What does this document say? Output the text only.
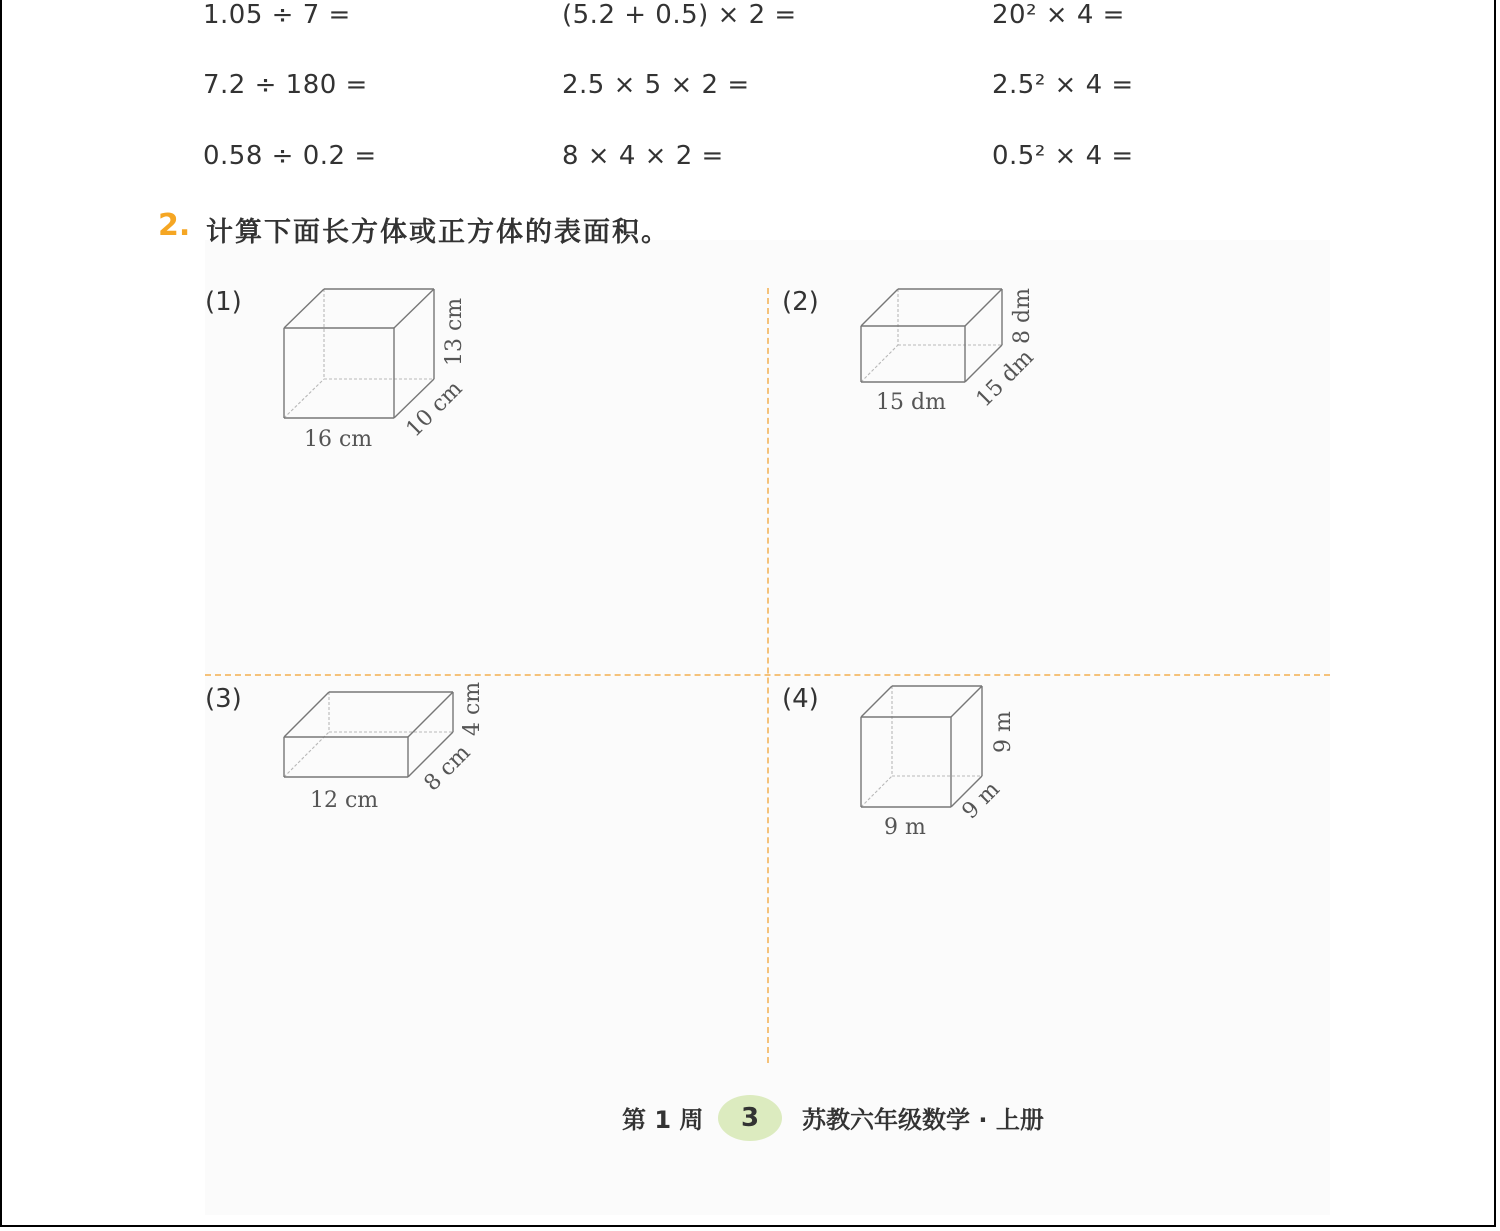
1.05 ÷ 7 =	(5.2 + 0.5) × 2 =	20² × 4 =
7.2 ÷ 180 =	2.5 × 5 × 2 =	2.5² × 4 =
0.58 ÷ 0.2 =	8 × 4 × 2 =	0.5² × 4 =
2. 计算下面长方体或正方体的表面积。
(1)	(2)
(3)	(4)
16 cm 10 cm
13 cm
15 dm 15 dm
8 dm
12 cm
8 cm
4 cm
9 m
9 m
9 m
第 1 周	3	苏教六年级数学 · 上册
